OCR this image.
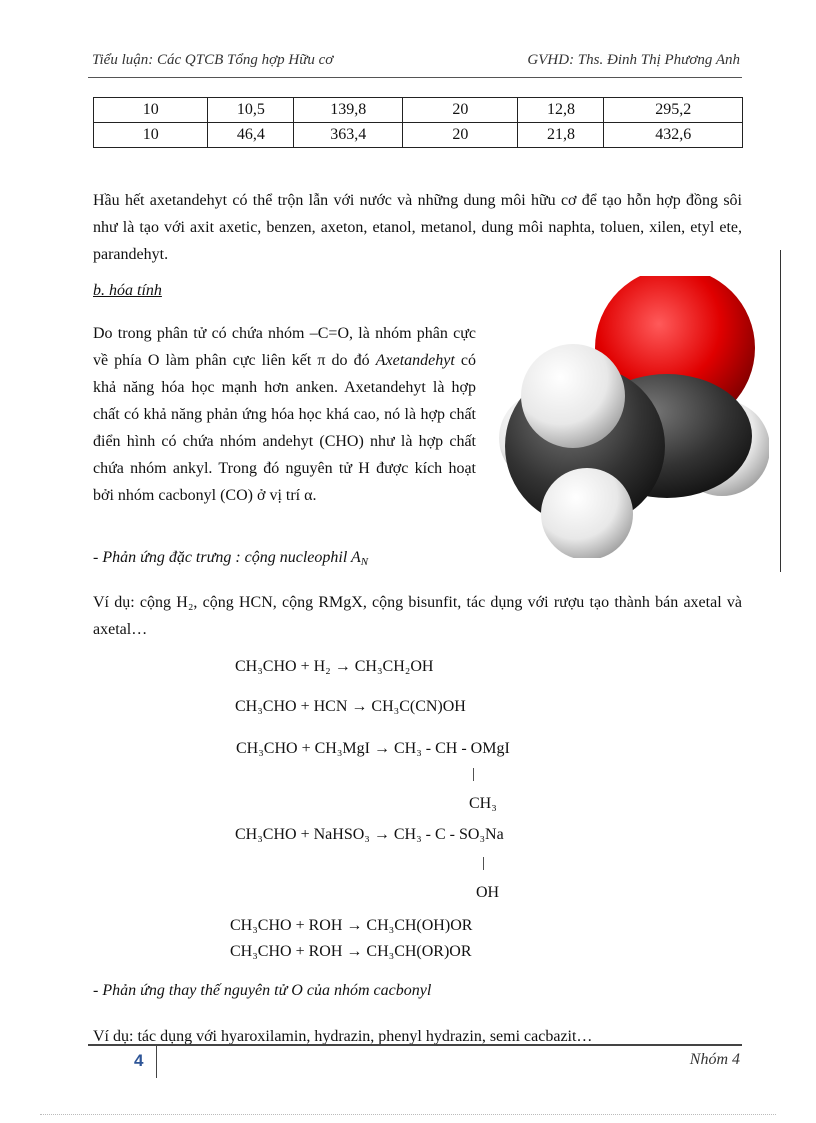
Tiểu luận: Các QTCB Tổng hợp Hữu cơ	GVHD: Ths. Đinh Thị Phương Anh
10	10,5	139,8	20	12,8	295,2
10	46,4	363,4	20	21,8	432,6

Hầu hết axetandehyt có thể trộn lẫn với nước và những dung môi hữu cơ để tạo hỗn hợp đồng sôi như là tạo với axit axetic, benzen, axeton, etanol, metanol, dung môi naphta, toluen, xilen, etyl ete, parandehyt.

b. hóa tính

Do trong phân tử có chứa nhóm –C=O, là nhóm phân cực về phía O làm phân cực liên kết π do đó Axetandehyt có khả năng hóa học mạnh hơn anken. Axetandehyt là hợp chất có khả năng phản ứng hóa học khá cao, nó là hợp chất điển hình có chứa nhóm andehyt (CHO) như là hợp chất chứa nhóm ankyl. Trong đó nguyên tử H được kích hoạt bởi nhóm cacbonyl (CO) ở vị trí α.

- Phản ứng đặc trưng : cộng nucleophil $A_N$

Ví dụ: cộng H₂, cộng HCN, cộng RMgX, cộng bisunfit, tác dụng với rượu tạo thành bán axetal và axetal…

CH₃CHO + H₂ → CH₃CH₂OH
CH₃CHO + HCN → CH₃C(CN)OH
CH₃CHO + CH₃MgI → CH₃ - CH - OMgI
|
CH₃
CH₃CHO + NaHSO₃ → CH₃ - C - SO₃Na
|
OH
CH₃CHO + ROH → CH₃CH(OH)OR
CH₃CHO + ROH → CH₃CH(OR)OR
- Phản ứng thay thế nguyên tử O của nhóm cacbonyl

Ví dụ: tác dụng với hyaroxilamin, hydrazin, phenyl hydrazin, semi cacbazit…

4	Nhóm 4
